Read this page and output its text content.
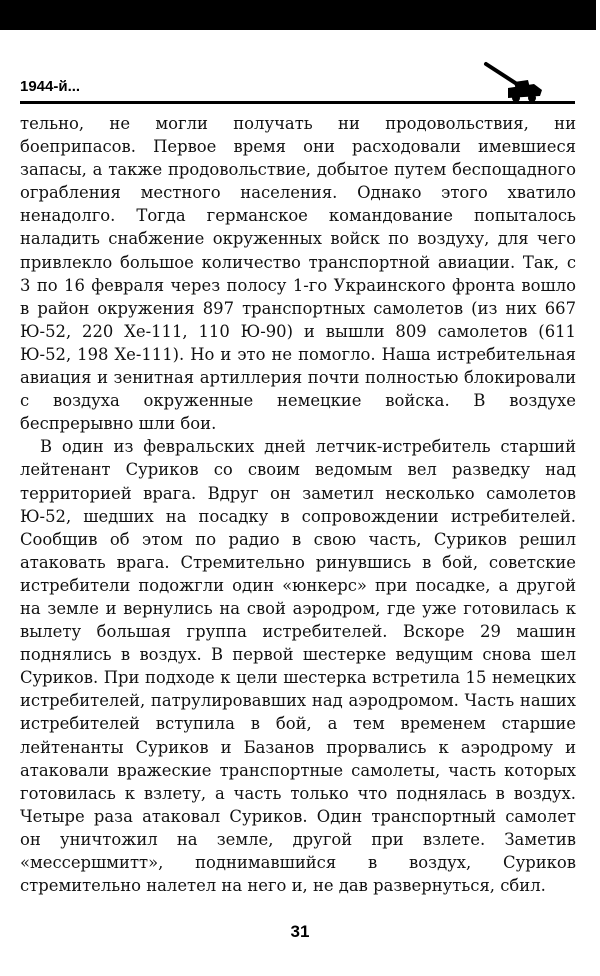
1944-й...

тельно, не могли получать ни продовольствия, ни боеприпасов. Первое время они расходовали имевшиеся запасы, а также продовольствие, добытое путем беспощадного ограбления местного населения. Однако этого хватило ненадолго. Тогда германское командование попыталось наладить снабжение окруженных войск по воздуху, для чего привлекло большое количество транспортной авиации. Так, с 3 по 16 февраля через полосу 1-го Украинского фронта вошло в район окружения 897 транспортных самолетов (из них 667 Ю-52, 220 Хе-111, 110 Ю-90) и вышли 809 самолетов (611 Ю-52, 198 Хе-111). Но и это не помогло. Наша истребительная авиация и зенитная артиллерия почти полностью блокировали с воздуха окруженные немецкие войска. В воздухе беспрерывно шли бои.

В один из февральских дней летчик-истребитель старший лейтенант Суриков со своим ведомым вел разведку над территорией врага. Вдруг он заметил несколько самолетов Ю-52, шедших на посадку в сопровождении истребителей. Сообщив об этом по радио в свою часть, Суриков решил атаковать врага. Стремительно ринувшись в бой, советские истребители подожгли один «юнкерс» при посадке, а другой на земле и вернулись на свой аэродром, где уже готовилась к вылету большая группа истребителей. Вскоре 29 машин поднялись в воздух. В первой шестерке ведущим снова шел Суриков. При подходе к цели шестерка встретила 15 немецких истребителей, патрулировавших над аэродромом. Часть наших истребителей вступила в бой, а тем временем старшие лейтенанты Суриков и Базанов прорвались к аэродрому и атаковали вражеские транспортные самолеты, часть которых готовилась к взлету, а часть только что поднялась в воздух. Четыре раза атаковал Суриков. Один транспортный самолет он уничтожил на земле, другой при взлете. Заметив «мессершмитт», поднимавшийся в воздух, Суриков стремительно налетел на него и, не дав развернуться, сбил.

31
